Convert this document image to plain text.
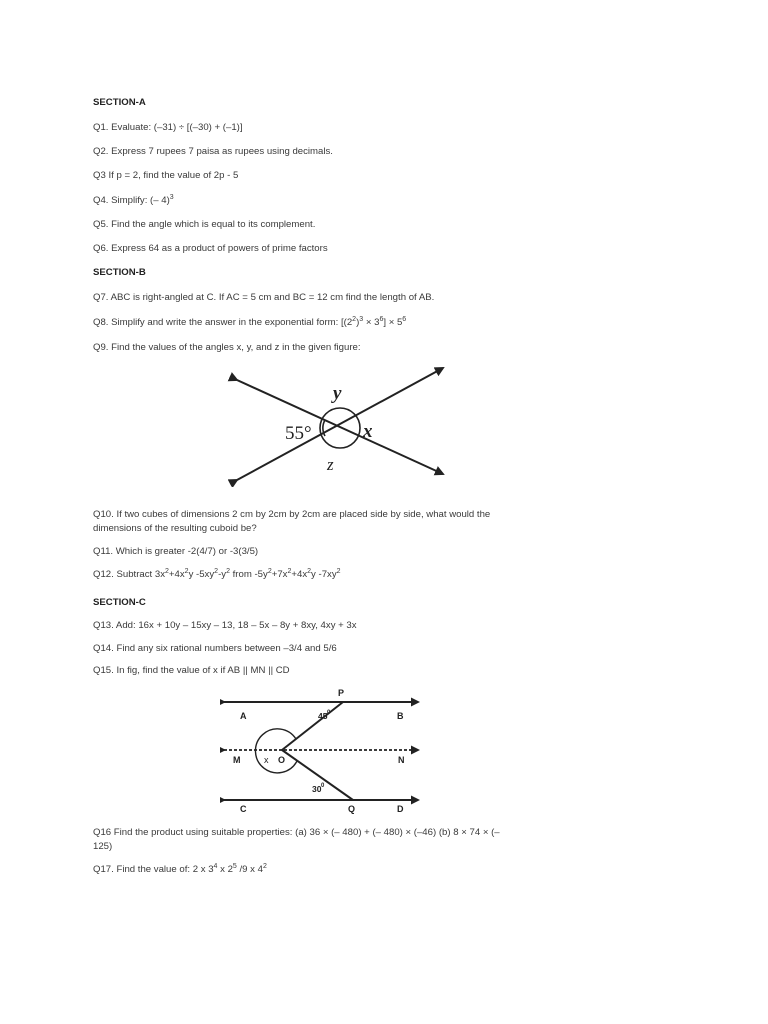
SECTION-A
Q1. Evaluate: (–31) ÷ [(–30) + (–1)]
Q2. Express 7 rupees 7 paisa as rupees using decimals.
Q3 If p = 2, find the value of 2p - 5
Q4. Simplify: (– 4)$^3$
Q5. Find the angle which is equal to its complement.
Q6. Express 64 as a product of powers of prime factors
SECTION-B
Q7. ABC is right-angled at C. If AC = 5 cm and BC = 12 cm find the length of AB.
Q8. Simplify and write the answer in the exponential form: $[(2^2)^3 \times 3^6] \times 5^6$
Q9. Find the values of the angles x, y, and z in the given figure:
y
55°	x
z
Q10. If two cubes of dimensions 2 cm by 2cm by 2cm are placed side by side, what would the
dimensions of the resulting cuboid be?
Q11. Which is greater -2(4/7) or -3(3/5)
Q12. Subtract $3x^2+4x^2y$ $-5xy^2-y^2$ from $-5y^2+7x^2+4x^2y$ $-7xy^2$
SECTION-C
Q13. Add: 16x + 10y – 15xy – 13, 18 – 5x – 8y + 8xy, 4xy + 3x
Q14. Find any six rational numbers between –3/4 and 5/6
Q15. In fig, find the value of x if AB || MN || CD
P
A	B
M	x O	N
C	Q	D
45 0
30 0
Q16 Find the product using suitable properties: (a) 36 × (– 480) + (– 480) × (–46) (b) 8 × 74 × (–
125)
Q17. Find the value of: 2 x $3^4$ x $2^5$ /9 x $4^2$
